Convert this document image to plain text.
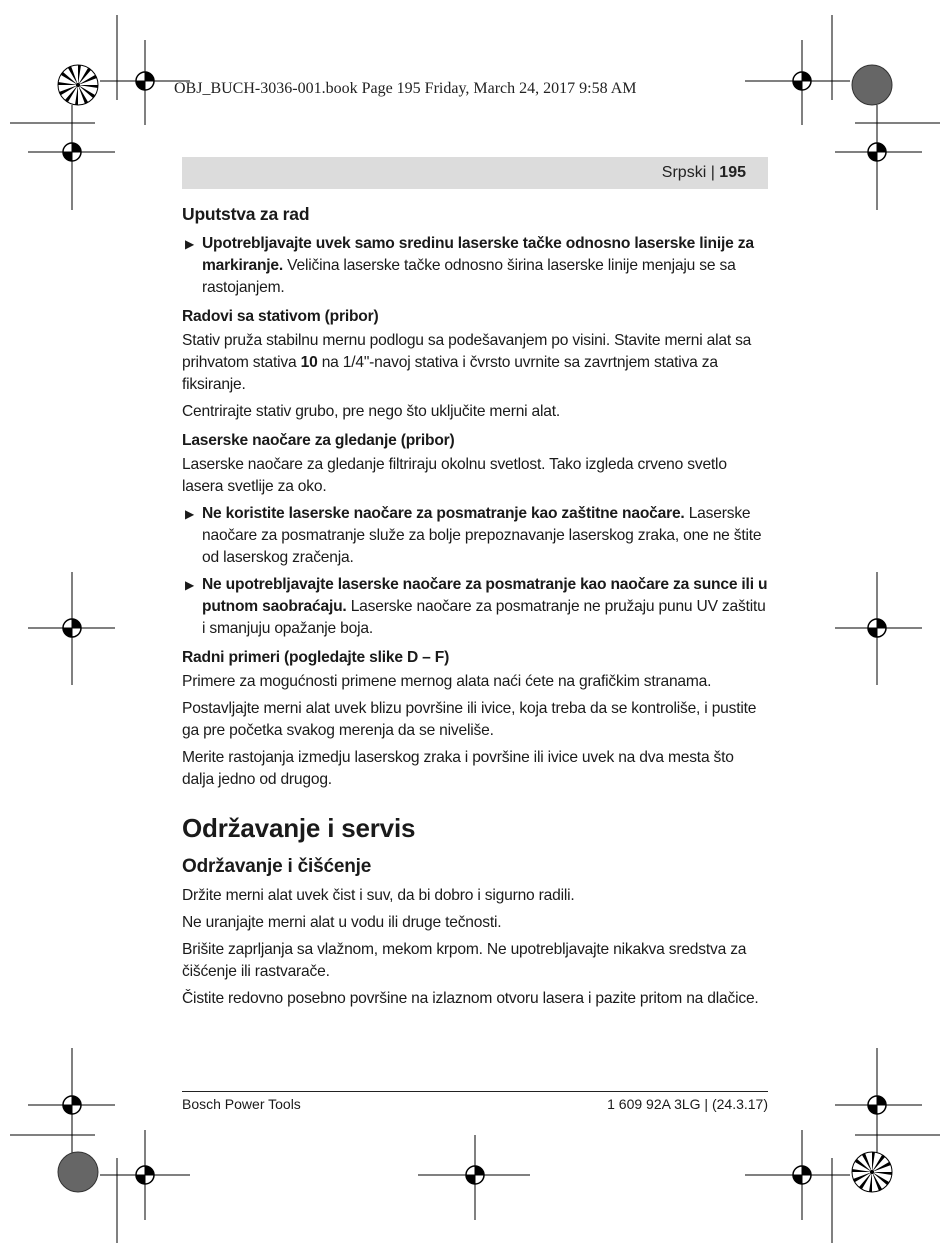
OBJ_BUCH-3036-001.book Page 195 Friday, March 24, 2017 9:58 AM
Srpski | 195
Uputstva za rad
▶ Upotrebljavajte uvek samo sredinu laserske tačke odnosno laserske linije za markiranje. Veličina laserske tačke odnosno širina laserske linije menjaju se sa rastojanjem.
Radovi sa stativom (pribor)

Stativ pruža stabilnu mernu podlogu sa podešavanjem po visini. Stavite merni alat sa prihvatom stativa 10 na 1/4"-navoj stativa i čvrsto uvrnite sa zavrtnjem stativa za fiksiranje.

Centrirajte stativ grubo, pre nego što uključite merni alat.

Laserske naočare za gledanje (pribor)

Laserske naočare za gledanje filtriraju okolnu svetlost. Tako izgleda crveno svetlo lasera svetlije za oko.

▶ Ne koristite laserske naočare za posmatranje kao zaštitne naočare. Laserske naočare za posmatranje služe za bolje prepoznavanje laserskog zraka, one ne štite od laserskog zračenja.
▶ Ne upotrebljavajte laserske naočare za posmatranje kao naočare za sunce ili u putnom saobraćaju. Laserske naočare za posmatranje ne pružaju punu UV zaštitu i smanjuju opažanje boja.
Radni primeri (pogledajte slike D – F)

Primere za mogućnosti primene mernog alata naći ćete na grafičkim stranama.

Postavljajte merni alat uvek blizu površine ili ivice, koja treba da se kontroliše, i pustite ga pre početka svakog merenja da se niveliše.

Merite rastojanja izmedju laserskog zraka i površine ili ivice uvek na dva mesta što dalja jedno od drugog.

Održavanje i servis
Održavanje i čišćenje

Držite merni alat uvek čist i suv, da bi dobro i sigurno radili.

Ne uranjajte merni alat u vodu ili druge tečnosti.

Brišite zaprljanja sa vlažnom, mekom krpom. Ne upotrebljavajte nikakva sredstva za čišćenje ili rastvarače.

Čistite redovno posebno površine na izlaznom otvoru lasera i pazite pritom na dlačice.

Bosch Power Tools	1 609 92A 3LG | (24.3.17)
